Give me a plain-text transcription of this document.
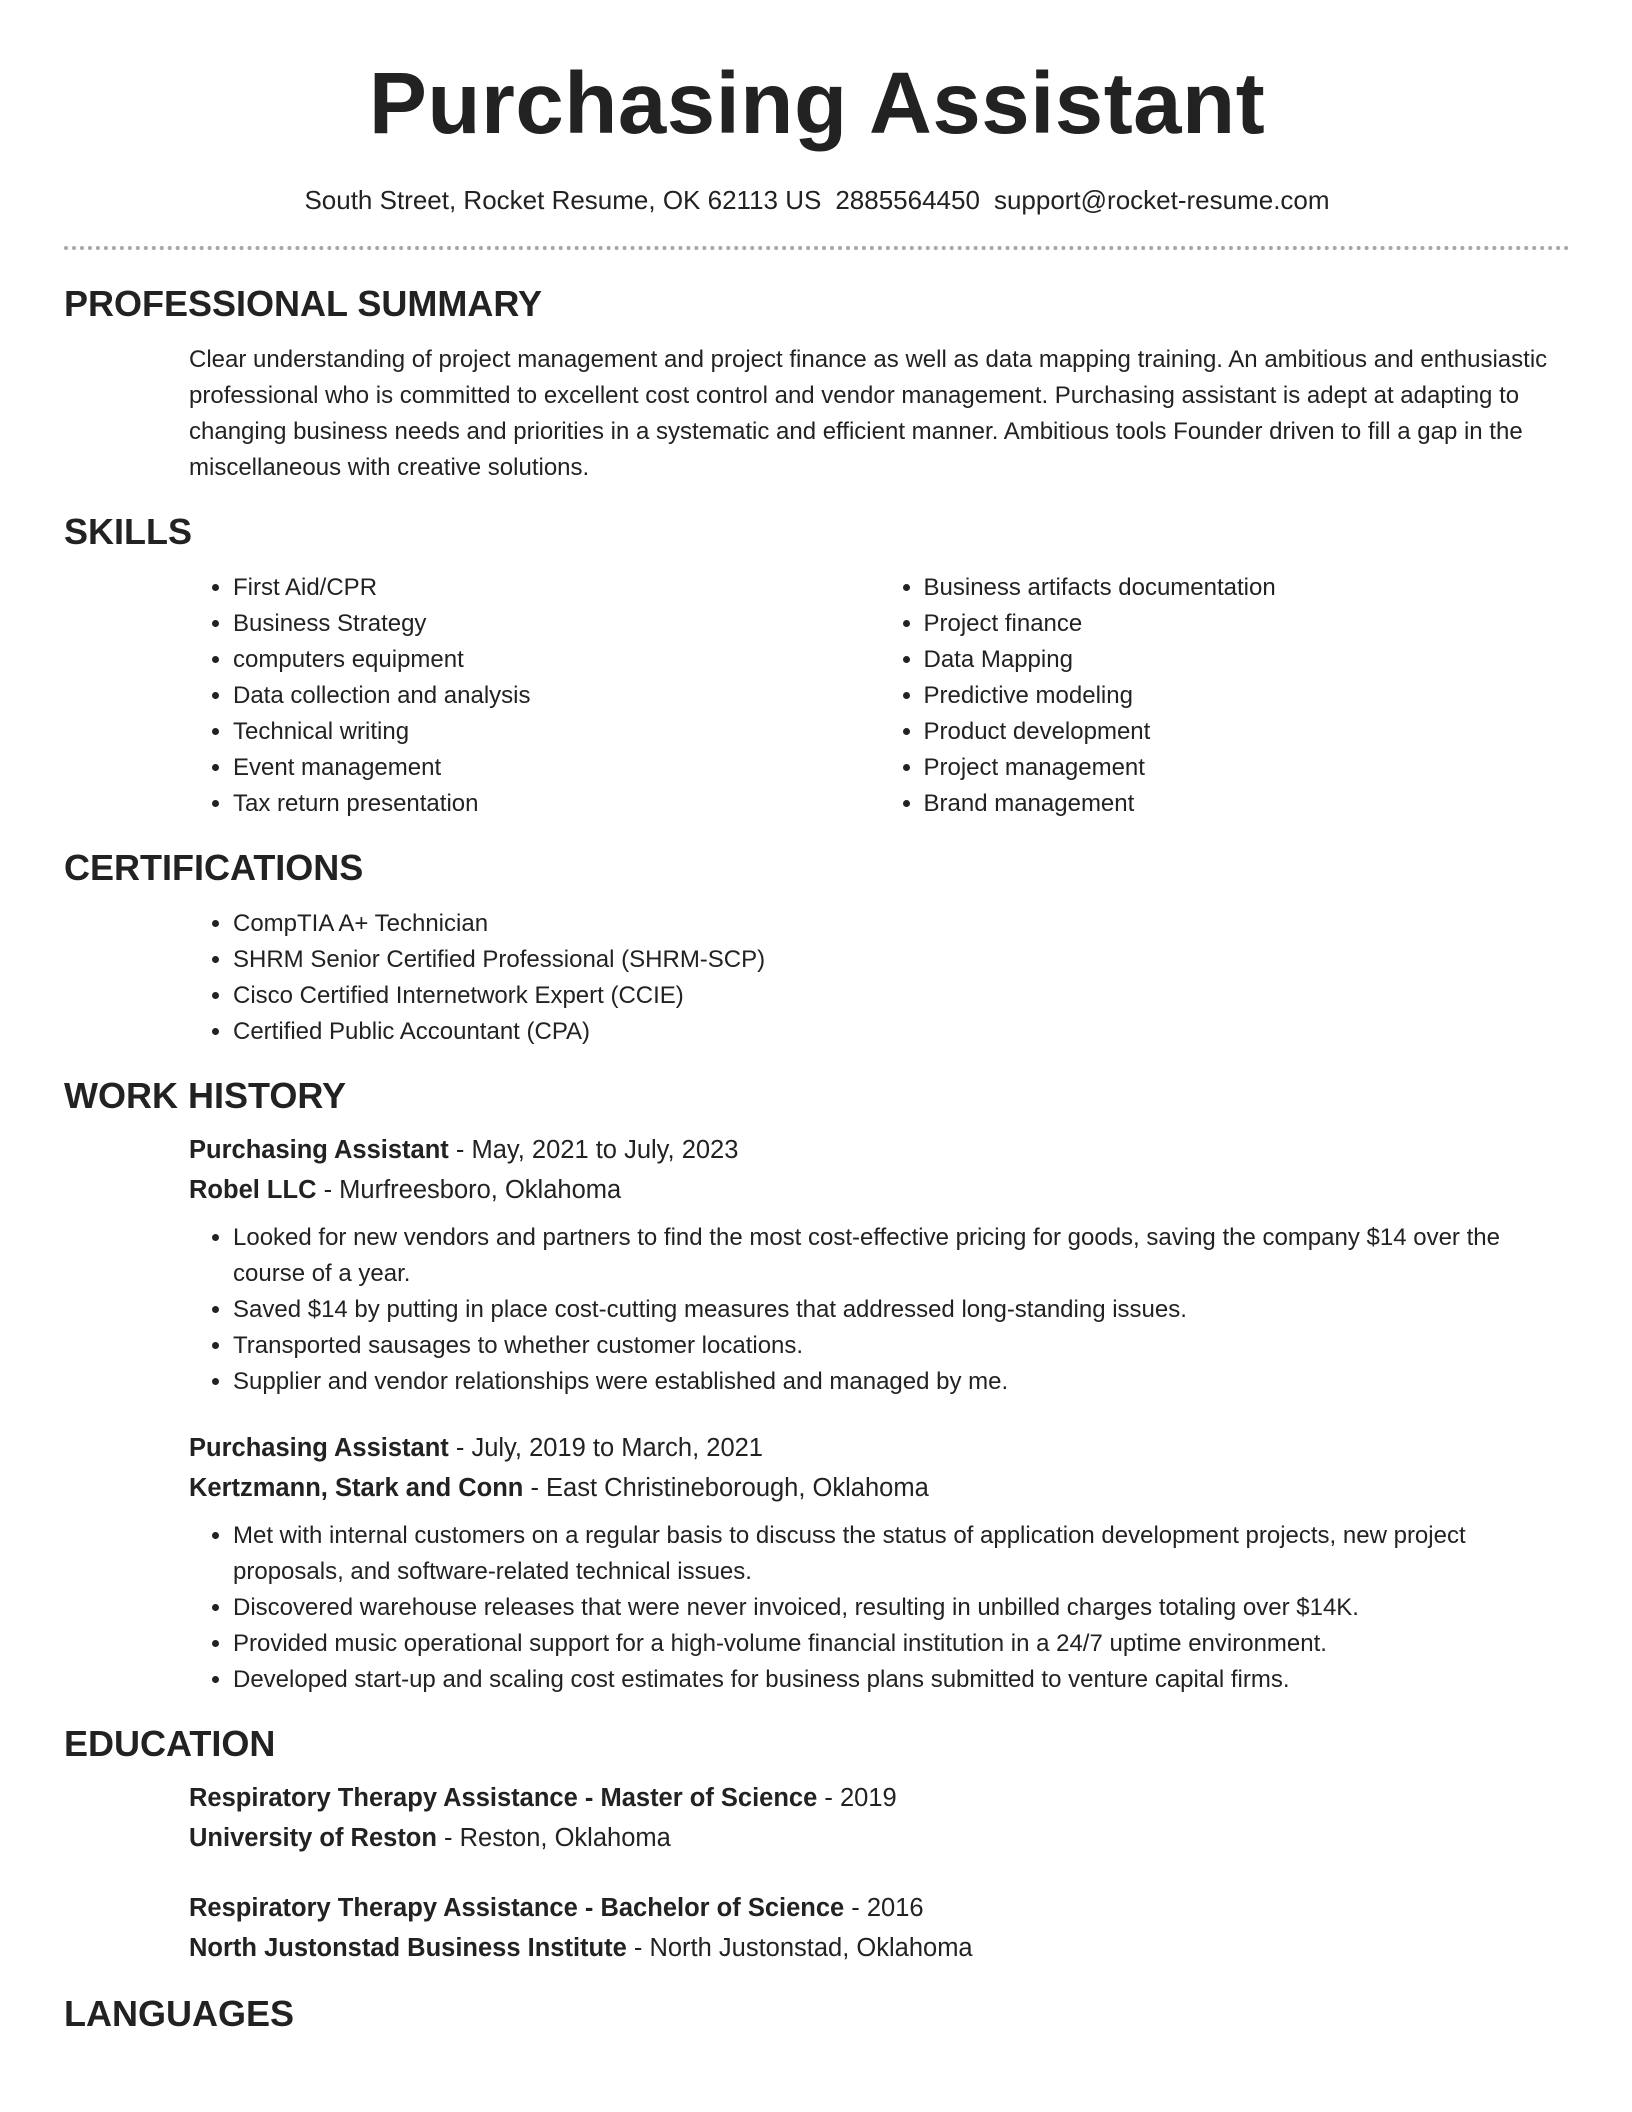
Purchasing Assistant
South Street, Rocket Resume, OK 62113 US 2885564450 support@rocket-resume.com
PROFESSIONAL SUMMARY

Clear understanding of project management and project finance as well as data mapping training. An ambitious and enthusiastic professional who is committed to excellent cost control and vendor management. Purchasing assistant is adept at adapting to changing business needs and priorities in a systematic and efficient manner. Ambitious tools Founder driven to fill a gap in the miscellaneous with creative solutions.

SKILLS
• First Aid/CPR
• Business Strategy
• computers equipment
• Data collection and analysis
• Technical writing
• Event management
• Tax return presentation
• Business artifacts documentation
• Project finance
• Data Mapping
• Predictive modeling
• Product development
• Project management
• Brand management
CERTIFICATIONS
• CompTIA A+ Technician
• SHRM Senior Certified Professional (SHRM-SCP)
• Cisco Certified Internetwork Expert (CCIE)
• Certified Public Accountant (CPA)
WORK HISTORY
Purchasing Assistant - May, 2021 to July, 2023
Robel LLC - Murfreesboro, Oklahoma
• Looked for new vendors and partners to find the most cost-effective pricing for goods, saving the company $14 over the course of a year.
• Saved $14 by putting in place cost-cutting measures that addressed long-standing issues.
• Transported sausages to whether customer locations.
• Supplier and vendor relationships were established and managed by me.
Purchasing Assistant - July, 2019 to March, 2021
Kertzmann, Stark and Conn - East Christineborough, Oklahoma
• Met with internal customers on a regular basis to discuss the status of application development projects, new project proposals, and software-related technical issues.
• Discovered warehouse releases that were never invoiced, resulting in unbilled charges totaling over $14K.
• Provided music operational support for a high-volume financial institution in a 24/7 uptime environment.
• Developed start-up and scaling cost estimates for business plans submitted to venture capital firms.
EDUCATION
Respiratory Therapy Assistance - Master of Science - 2019
University of Reston - Reston, Oklahoma
Respiratory Therapy Assistance - Bachelor of Science - 2016
North Justonstad Business Institute - North Justonstad, Oklahoma
LANGUAGES
